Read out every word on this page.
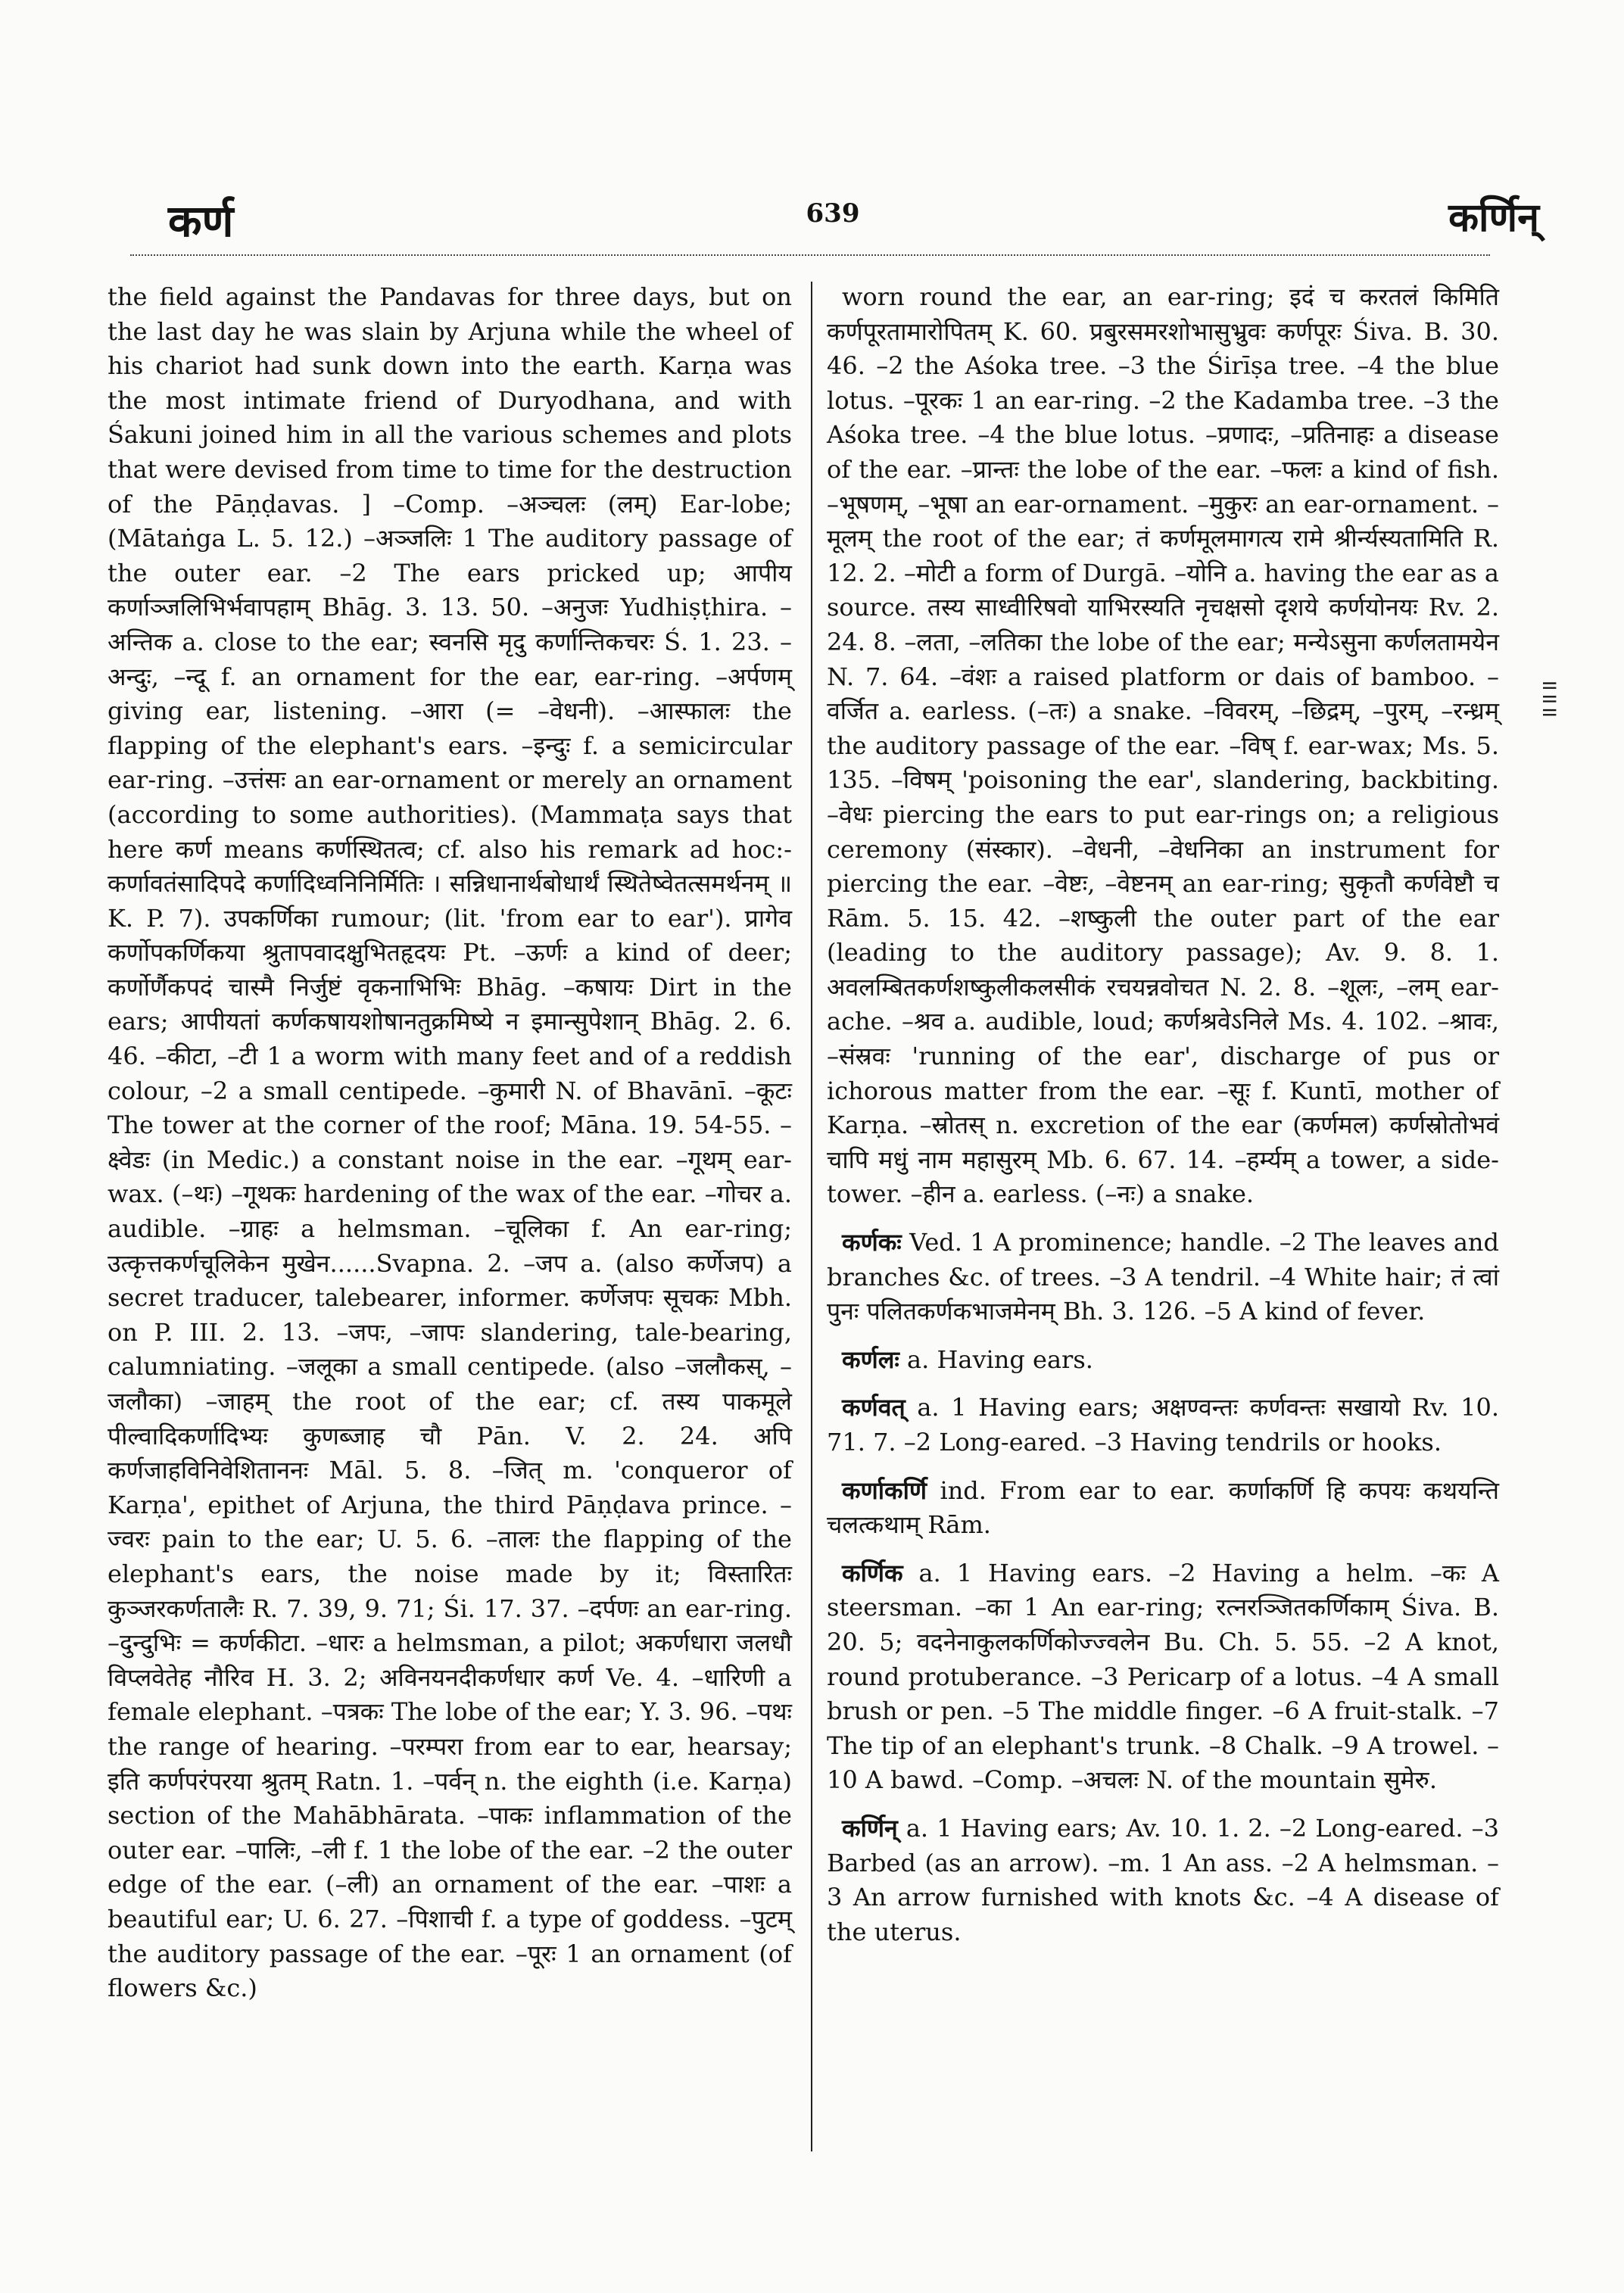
कर्ण	639	कर्णिन्
॥॥॥

the field against the Pandavas for three days, but on the last day he was slain by Arjuna while the wheel of his chariot had sunk down into the earth. Karṇa was the most intimate friend of Duryodhana, and with Śakuni joined him in all the various schemes and plots that were devised from time to time for the destruction of the Pāṇḍavas. ] –Comp. –अञ्चलः (लम्) Ear-lobe; (Mātaṅga L. 5. 12.) –अञ्जलिः 1 The auditory passage of the outer ear. –2 The ears pricked up; आपीय कर्णाञ्जलिभिर्भवापहाम् Bhāg. 3. 13. 50. –अनुजः Yudhiṣṭhira. –अन्तिक a. close to the ear; स्वनसि मृदु कर्णान्तिकचरः Ś. 1. 23. –अन्दुः, –न्दू f. an ornament for the ear, ear-ring. –अर्पणम् giving ear, listening. –आरा (= –वेधनी). –आस्फालः the flapping of the elephant's ears. –इन्दुः f. a semicircular ear-ring. –उत्तंसः an ear-ornament or merely an ornament (according to some authorities). (Mammaṭa says that here कर्ण means कर्णस्थितत्व; cf. also his remark ad hoc:- कर्णावतंसादिपदे कर्णादिध्वनिनिर्मितिः । सन्निधानार्थबोधार्थं स्थितेष्वेतत्समर्थनम् ॥ K. P. 7). उपकर्णिका rumour; (lit. 'from ear to ear'). प्रागेव कर्णोपकर्णिकया श्रुतापवादक्षुभितहृदयः Pt. –ऊर्णः a kind of deer; कर्णोर्णैकपदं चास्मै निर्जुष्टं वृकनाभिभिः Bhāg. –कषायः Dirt in the ears; आपीयतां कर्णकषायशोषानतुक्रमिष्ये न इमान्सुपेशान् Bhāg. 2. 6. 46. –कीटा, –टी 1 a worm with many feet and of a reddish colour, –2 a small centipede. –कुमारी N. of Bhavānī. –कूटः The tower at the corner of the roof; Māna. 19. 54-55. –क्ष्वेडः (in Medic.) a constant noise in the ear. –गूथम् ear-wax. (–थः) –गूथकः hardening of the wax of the ear. –गोचर a. audible. –ग्राहः a helmsman. –चूलिका f. An ear-ring; उत्कृत्तकर्णचूलिकेन मुखेन......Svapna. 2. –जप a. (also कर्णेजप) a secret traducer, talebearer, informer. कर्णेजपः सूचकः Mbh. on P. III. 2. 13. –जपः, –जापः slandering, tale-bearing, calumniating. –जलूका a small centipede. (also –जलौकस्, –जलौका) –जाहम् the root of the ear; cf. तस्य पाकमूले पील्वादिकर्णादिभ्यः कुणब्जाह चौ Pān. V. 2. 24. अपि कर्णजाहविनिवेशिताननः Māl. 5. 8. –जित् m. 'conqueror of Karṇa', epithet of Arjuna, the third Pāṇḍava prince. –ज्वरः pain to the ear; U. 5. 6. –तालः the flapping of the elephant's ears, the noise made by it; विस्तारितः कुञ्जरकर्णतालैः R. 7. 39, 9. 71; Śi. 17. 37. –दर्पणः an ear-ring. –दुन्दुभिः = कर्णकीटा. –धारः a helmsman, a pilot; अकर्णधारा जलधौ विप्लवेतेह नौरिव H. 3. 2; अविनयनदीकर्णधार कर्ण Ve. 4. –धारिणी a female elephant. –पत्रकः The lobe of the ear; Y. 3. 96. –पथः the range of hearing. –परम्परा from ear to ear, hearsay; इति कर्णपरंपरया श्रुतम् Ratn. 1. –पर्वन् n. the eighth (i.e. Karṇa) section of the Mahābhārata. –पाकः inflammation of the outer ear. –पालिः, –ली f. 1 the lobe of the ear. –2 the outer edge of the ear. (–ली) an ornament of the ear. –पाशः a beautiful ear; U. 6. 27. –पिशाची f. a type of goddess. –पुटम् the auditory passage of the ear. –पूरः 1 an ornament (of flowers &c.)

worn round the ear, an ear-ring; इदं च करतलं किमिति कर्णपूरतामारोपितम् K. 60. प्रबुरसमरशोभासुभ्रुवः कर्णपूरः Śiva. B. 30. 46. –2 the Aśoka tree. –3 the Śirīṣa tree. –4 the blue lotus. –पूरकः 1 an ear-ring. –2 the Kadamba tree. –3 the Aśoka tree. –4 the blue lotus. –प्रणादः, –प्रतिनाहः a disease of the ear. –प्रान्तः the lobe of the ear. –फलः a kind of fish. –भूषणम्, –भूषा an ear-ornament. –मुकुरः an ear-ornament. –मूलम् the root of the ear; तं कर्णमूलमागत्य रामे श्रीर्न्यस्यतामिति R. 12. 2. –मोटी a form of Durgā. –योनि a. having the ear as a source. तस्य साध्वीरिषवो याभिरस्यति नृचक्षसो दृशये कर्णयोनयः Rv. 2. 24. 8. –लता, –लतिका the lobe of the ear; मन्येऽसुना कर्णलतामयेन N. 7. 64. –वंशः a raised platform or dais of bamboo. –वर्जित a. earless. (–तः) a snake. –विवरम्, –छिद्रम्, –पुरम्, –रन्ध्रम् the auditory passage of the ear. –विष् f. ear-wax; Ms. 5. 135. –विषम् 'poisoning the ear', slandering, backbiting. –वेधः piercing the ears to put ear-rings on; a religious ceremony (संस्कार). –वेधनी, –वेधनिका an instrument for piercing the ear. –वेष्टः, –वेष्टनम् an ear-ring; सुकृतौ कर्णवेष्टौ च Rām. 5. 15. 42. –शष्कुली the outer part of the ear (leading to the auditory passage); Av. 9. 8. 1. अवलम्बितकर्णशष्कुलीकलसीकं रचयन्नवोचत N. 2. 8. –शूलः, –लम् ear-ache. –श्रव a. audible, loud; कर्णश्रवेऽनिले Ms. 4. 102. –श्रावः, –संस्रवः 'running of the ear', discharge of pus or ichorous matter from the ear. –सूः f. Kuntī, mother of Karṇa. –स्रोतस् n. excretion of the ear (कर्णमल) कर्णस्रोतोभवं चापि मधुं नाम महासुरम् Mb. 6. 67. 14. –हर्म्यम् a tower, a side-tower. –हीन a. earless. (–नः) a snake.

कर्णकः Ved. 1 A prominence; handle. –2 The leaves and branches &c. of trees. –3 A tendril. –4 White hair; तं त्वां पुनः पलितकर्णकभाजमेनम् Bh. 3. 126. –5 A kind of fever.

कर्णलः a. Having ears.

कर्णवत् a. 1 Having ears; अक्षण्वन्तः कर्णवन्तः सखायो Rv. 10. 71. 7. –2 Long-eared. –3 Having tendrils or hooks.

कर्णाकर्णि ind. From ear to ear. कर्णाकर्णि हि कपयः कथयन्ति चलत्कथाम् Rām.

कर्णिक a. 1 Having ears. –2 Having a helm. –कः A steersman. –का 1 An ear-ring; रत्नरञ्जितकर्णिकाम् Śiva. B. 20. 5; वदनेनाकुलकर्णिकोज्ज्वलेन Bu. Ch. 5. 55. –2 A knot, round protuberance. –3 Pericarp of a lotus. –4 A small brush or pen. –5 The middle finger. –6 A fruit-stalk. –7 The tip of an elephant's trunk. –8 Chalk. –9 A trowel. –10 A bawd. –Comp. –अचलः N. of the mountain सुमेरु.

कर्णिन् a. 1 Having ears; Av. 10. 1. 2. –2 Long-eared. –3 Barbed (as an arrow). –m. 1 An ass. –2 A helmsman. –3 An arrow furnished with knots &c. –4 A disease of the uterus.
